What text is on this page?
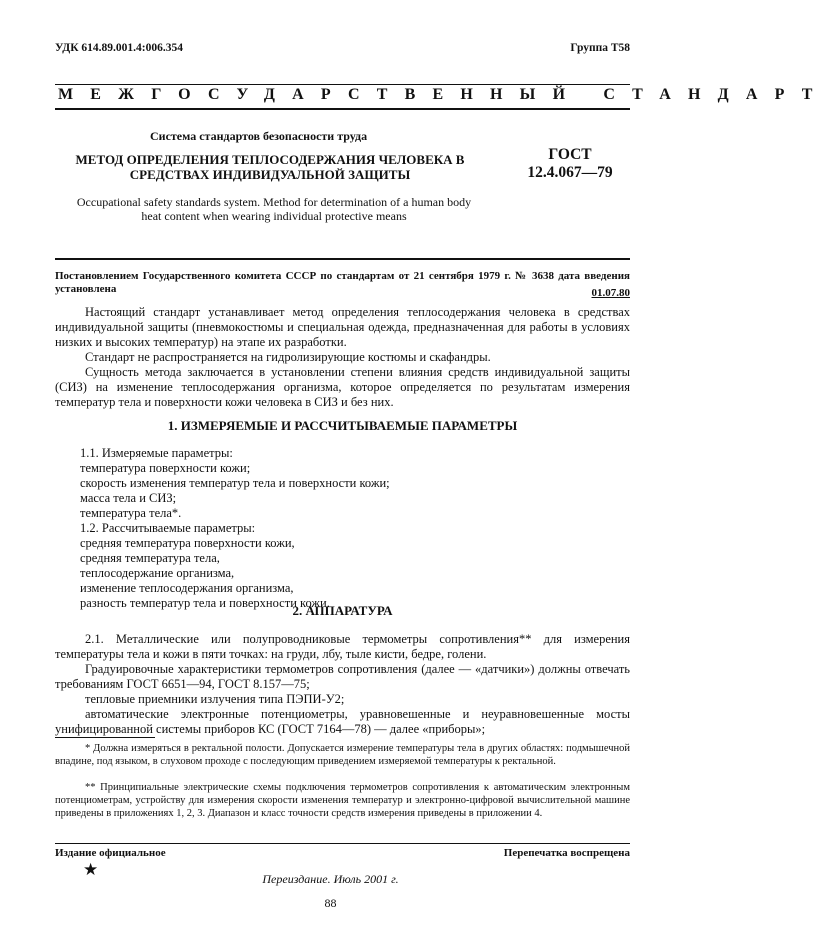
УДК 614.89.001.4:006.354	Группа Т58
МЕЖГОСУДАРСТВЕННЫЙ СТАНДАРТ
Система стандартов безопасности труда
МЕТОД ОПРЕДЕЛЕНИЯ ТЕПЛОСОДЕРЖАНИЯ ЧЕЛОВЕКА В
СРЕДСТВАХ ИНДИВИДУАЛЬНОЙ ЗАЩИТЫ
ГОСТ
12.4.067—79
Occupational safety standards system. Method for determination of a human body
heat content when wearing individual protective means
Постановлением Государственного комитета СССР по стандартам от 21 сентября 1979 г. № 3638 дата введения установлена	01.07.80

Настоящий стандарт устанавливает метод определения теплосодержания человека в средствах индивидуальной защиты (пневмокостюмы и специальная одежда, предназначенная для работы в условиях низких и высоких температур) на этапе их разработки.

Стандарт не распространяется на гидролизирующие костюмы и скафандры.

Сущность метода заключается в установлении степени влияния средств индивидуальной защиты (СИЗ) на изменение теплосодержания организма, которое определяется по результатам измерения температур тела и поверхности кожи человека в СИЗ и без них.

1. ИЗМЕРЯЕМЫЕ И РАССЧИТЫВАЕМЫЕ ПАРАМЕТРЫ
1.1. Измеряемые параметры:
температура поверхности кожи;
скорость изменения температур тела и поверхности кожи;
масса тела и СИЗ;
температура тела*.
1.2. Рассчитываемые параметры:
средняя температура поверхности кожи,
средняя температура тела,
теплосодержание организма,
изменение теплосодержания организма,
разность температур тела и поверхности кожи.
2. АППАРАТУРА

2.1. Металлические или полупроводниковые термометры сопротивления** для измерения температуры тела и кожи в пяти точках: на груди, лбу, тыле кисти, бедре, голени.

Градуировочные характеристики термометров сопротивления (далее — «датчики») должны отвечать требованиям ГОСТ 6651—94, ГОСТ 8.157—75;

тепловые приемники излучения типа ПЭПИ-У2;

автоматические электронные потенциометры, уравновешенные и неуравновешенные мосты унифицированной системы приборов КС (ГОСТ 7164—78) — далее «приборы»;

* Должна измеряться в ректальной полости. Допускается измерение температуры тела в других областях: подмышечной впадине, под языком, в слуховом проходе с последующим приведением измеряемой температуры к ректальной.

** Принципиальные электрические схемы подключения термометров сопротивления к автоматическим электронным потенциометрам, устройству для измерения скорости изменения температур и электронно-цифровой вычислительной машине приведены в приложениях 1, 2, 3. Диапазон и класс точности средств измерения приведены в приложении 4.

Издание официальное	Перепечатка воспрещена
★	Переиздание. Июль 2001 г.
88
